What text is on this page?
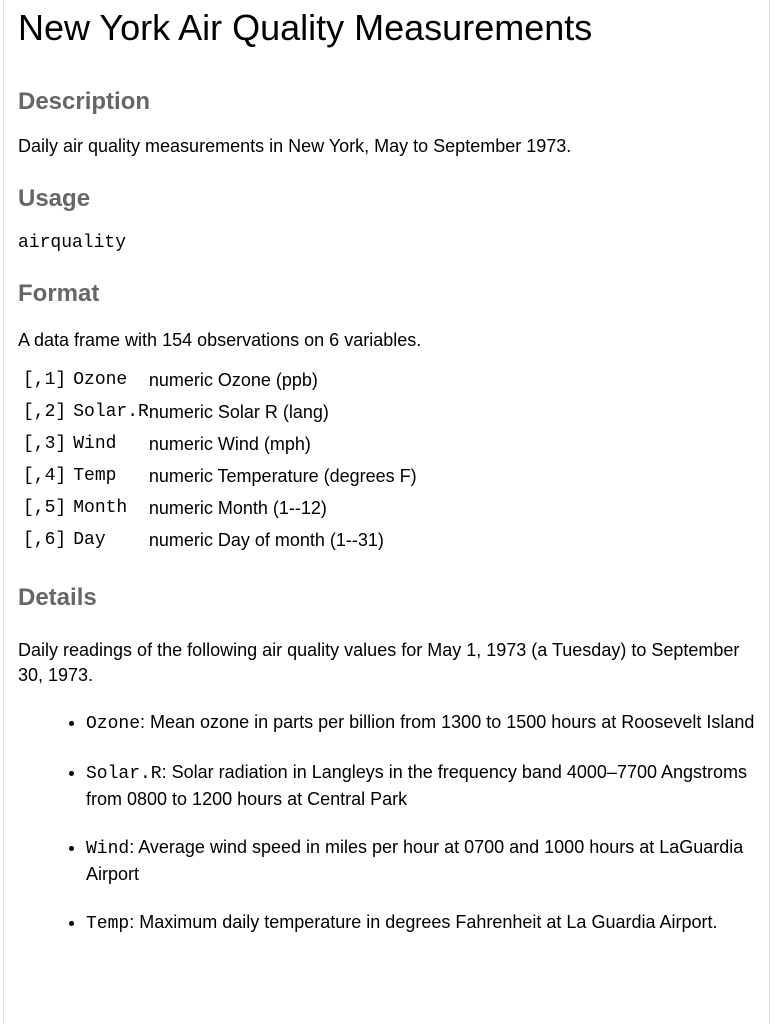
New York Air Quality Measurements
Description

Daily air quality measurements in New York, May to September 1973.

Usage

airquality

Format

A data frame with 154 observations on 6 variables.

[,1]	Ozone	numeric Ozone (ppb)
[,2]	Solar.R	numeric Solar R (lang)
[,3]	Wind	numeric Wind (mph)
[,4]	Temp	numeric Temperature (degrees F)
[,5]	Month	numeric Month (1--12)
[,6]	Day	numeric Day of month (1--31)
Details

Daily readings of the following air quality values for May 1, 1973 (a Tuesday) to September 30, 1973.

• Ozone: Mean ozone in parts per billion from 1300 to 1500 hours at Roosevelt Island
• Solar.R: Solar radiation in Langleys in the frequency band 4000–7700 Angstroms from 0800 to 1200 hours at Central Park
• Wind: Average wind speed in miles per hour at 0700 and 1000 hours at LaGuardia Airport
• Temp: Maximum daily temperature in degrees Fahrenheit at La Guardia Airport.
